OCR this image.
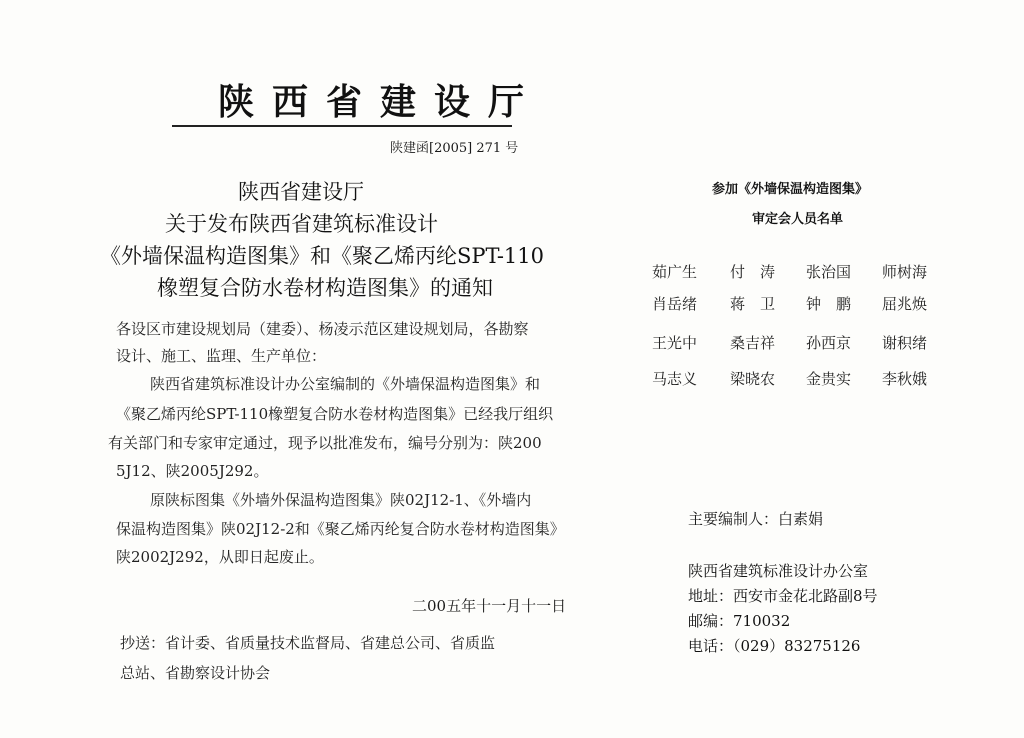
陕西省建设厅
陕建函[2005] 271 号
陕西省建设厅
关于发布陕西省建筑标准设计
《外墙保温构造图集》和《聚乙烯丙纶SPT-110
橡塑复合防水卷材构造图集》的通知
各设区市建设规划局（建委）、杨凌示范区建设规划局，各勘察
设计、施工、监理、生产单位：
陕西省建筑标准设计办公室编制的《外墙保温构造图集》和
《聚乙烯丙纶SPT-110橡塑复合防水卷材构造图集》已经我厅组织
有关部门和专家审定通过，现予以批准发布，编号分别为：陕200
5J12、陕2005J292。
原陕标图集《外墙外保温构造图集》陕02J12-1、《外墙内
保温构造图集》陕02J12-2和《聚乙烯丙纶复合防水卷材构造图集》
陕2002J292，从即日起废止。
二00五年十一月十一日
抄送：省计委、省质量技术监督局、省建总公司、省质监
总站、省勘察设计协会
参加《外墙保温构造图集》
审定会人员名单
茹广生 付　涛 张治国 师树海
肖岳绪 蒋　卫 钟　鹏 屈兆焕
王光中 桑吉祥 孙西京 谢积绪
马志义 梁晓农 金贵实 李秋娥
主要编制人：白素娟
陕西省建筑标准设计办公室
地址：西安市金花北路副8号
邮编：710032
电话：（029）83275126
